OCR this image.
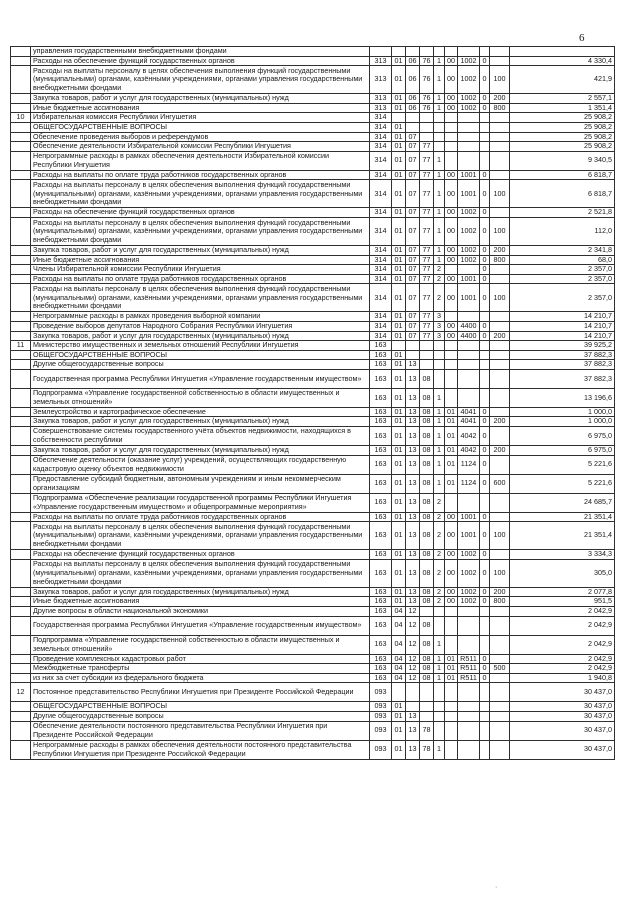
6
	управления государственными внебюджетными фондами										
	Расходы на обеспечение функций государственных органов	313	01	06	76	1	00	1002	0		4 330,4
	Расходы на выплаты персоналу в целях обеспечения выполнения функций государственными (муниципальными) органами, казёнными учреждениями, органами управления государственными внебюджетными фондами	313	01	06	76	1	00	1002	0	100	421,9
	Закупка товаров, работ и услуг для государственных (муниципальных) нужд	313	01	06	76	1	00	1002	0	200	2 557,1
	Иные бюджетные ассигнования	313	01	06	76	1	00	1002	0	800	1 351,4
10	Избирательная комиссия Республики Ингушетия	314									25 908,2
	ОБЩЕГОСУДАРСТВЕННЫЕ ВОПРОСЫ	314	01								25 908,2
	Обеспечение проведения выборов и референдумов	314	01	07							25 908,2
	Обеспечение деятельности Избирательной комиссии Республики Ингушетия	314	01	07	77						25 908,2
	Непрограммные расходы в рамках обеспечения деятельности Избирательной комиссии Республики Ингушетия	314	01	07	77	1					9 340,5
	Расходы на выплаты по оплате труда работников государственных органов	314	01	07	77	1	00	1001	0		6 818,7
	Расходы на выплаты персоналу в целях обеспечения выполнения функций государственными (муниципальными) органами, казёнными учреждениями, органами управления государственными внебюджетными фондами	314	01	07	77	1	00	1001	0	100	6 818,7
	Расходы на обеспечение функций государственных органов	314	01	07	77	1	00	1002	0		2 521,8
	Расходы на выплаты персоналу в целях обеспечения выполнения функций государственными (муниципальными) органами, казёнными учреждениями, органами управления государственными внебюджетными фондами	314	01	07	77	1	00	1002	0	100	112,0
	Закупка товаров, работ и услуг для государственных (муниципальных) нужд	314	01	07	77	1	00	1002	0	200	2 341,8
	Иные бюджетные ассигнования	314	01	07	77	1	00	1002	0	800	68,0
	Члены Избирательной комиссии Республики Ингушетия	314	01	07	77	2			0		2 357,0
	Расходы на выплаты по оплате труда работников государственных органов	314	01	07	77	2	00	1001	0		2 357,0
	Расходы на выплаты персоналу в целях обеспечения выполнения функций государственными (муниципальными) органами, казёнными учреждениями, органами управления государственными внебюджетными фондами	314	01	07	77	2	00	1001	0	100	2 357,0
	Непрограммные расходы в рамках проведения выборной компании	314	01	07	77	3					14 210,7
	Проведение выборов депутатов Народного Собрания Республики Ингушетия	314	01	07	77	3	00	4400	0		14 210,7
	Закупка товаров, работ и услуг для государственных (муниципальных) нужд	314	01	07	77	3	00	4400	0	200	14 210,7
11	Министерство имущественных и земельных отношений Республики Ингушетия	163									39 925,2
	ОБЩЕГОСУДАРСТВЕННЫЕ ВОПРОСЫ	163	01								37 882,3
	Другие общегосударственные вопросы	163	01	13							37 882,3
	Государственная программа Республики Ингушетия «Управление государственным имуществом»	163	01	13	08						37 882,3
	Подпрограмма «Управление государственной собственностью в области имущественных и земельных отношений»	163	01	13	08	1					13 196,6
	Землеустройство и картографическое обеспечение	163	01	13	08	1	01	4041	0		1 000,0
	Закупка товаров, работ и услуг для государственных (муниципальных) нужд	163	01	13	08	1	01	4041	0	200	1 000,0
	Совершенствование системы государственного учёта объектов недвижимости, находящихся в собственности республики	163	01	13	08	1	01	4042	0		6 975,0
	Закупка товаров, работ и услуг для государственных (муниципальных) нужд	163	01	13	08	1	01	4042	0	200	6 975,0
	Обеспечение деятельности (оказание услуг) учреждений, осуществляющих государственную кадастровую оценку объектов недвижимости	163	01	13	08	1	01	1124	0		5 221,6
	Предоставление субсидий бюджетным, автономным учреждениям и иным некоммерческим организациям	163	01	13	08	1	01	1124	0	600	5 221,6
	Подпрограмма «Обеспечение реализации государственной программы Республики Ингушетия «Управление государственным имуществом» и общепрограммные мероприятия»	163	01	13	08	2					24 685,7
	Расходы на выплаты по оплате труда работников государственных органов	163	01	13	08	2	00	1001	0		21 351,4
	Расходы на выплаты персоналу в целях обеспечения выполнения функций государственными (муниципальными) органами, казёнными учреждениями, органами управления государственными внебюджетными фондами	163	01	13	08	2	00	1001	0	100	21 351,4
	Расходы на обеспечение функций государственных органов	163	01	13	08	2	00	1002	0		3 334,3
	Расходы на выплаты персоналу в целях обеспечения выполнения функций государственными (муниципальными) органами, казёнными учреждениями, органами управления государственными внебюджетными фондами	163	01	13	08	2	00	1002	0	100	305,0
	Закупка товаров, работ и услуг для государственных (муниципальных) нужд	163	01	13	08	2	00	1002	0	200	2 077,8
	Иные бюджетные ассигнования	163	01	13	08	2	00	1002	0	800	951,5
	Другие вопросы в области национальной экономики	163	04	12							2 042,9
	Государственная программа Республики Ингушетия «Управление государственным имуществом»	163	04	12	08						2 042,9
	Подпрограмма «Управление государственной собственностью в области имущественных и земельных отношений»	163	04	12	08	1					2 042,9
	Проведение комплексных кадастровых работ	163	04	12	08	1	01	R511	0		2 042,9
	Межбюджетные трансферты	163	04	12	08	1	01	R511	0	500	2 042,9
	из них за счет субсидии из федерального бюджета	163	04	12	08	1	01	R511	0		1 940,8
12	Постоянное представительство Республики Ингушетия при Президенте Российской Федерации	093									30 437,0
	ОБЩЕГОСУДАРСТВЕННЫЕ ВОПРОСЫ	093	01								30 437,0
	Другие общегосударственные вопросы	093	01	13							30 437,0
	Обеспечение деятельности постоянного представительства Республики Ингушетия при Президенте Российской Федерации	093	01	13	78						30 437,0
	Непрограммные расходы в рамках обеспечения деятельности постоянного представительства Республики Ингушетия при Президенте Российской Федерации	093	01	13	78	1					30 437,0
·
